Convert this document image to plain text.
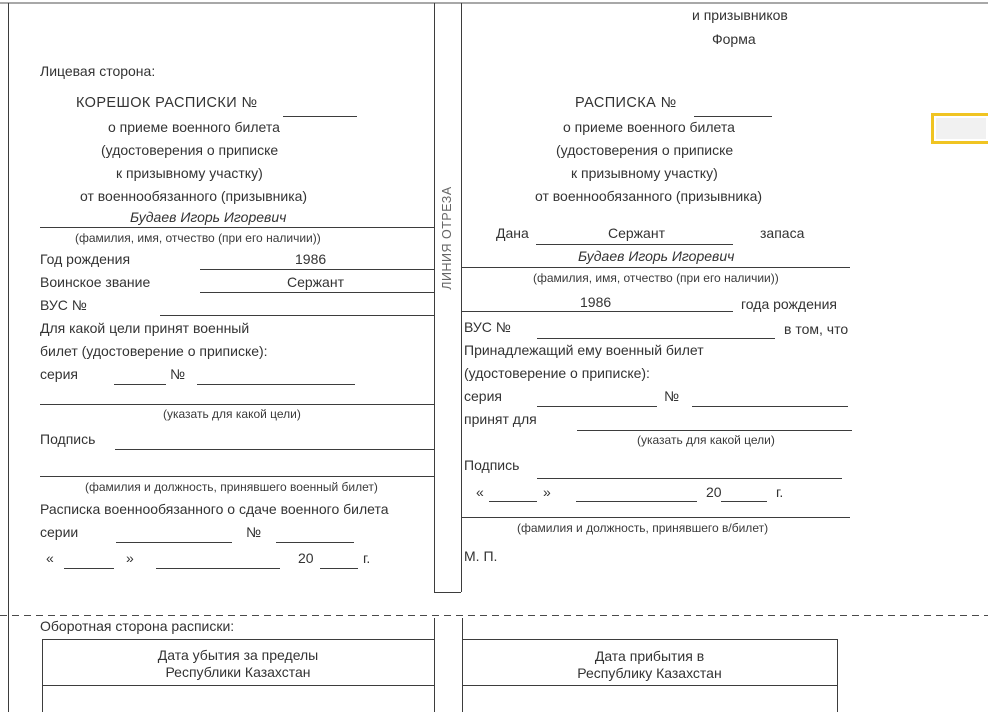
ЛИНИЯ ОТРЕЗА
Лицевая сторона:
КОРЕШОК РАСПИСКИ №
о приеме военного билета
(удостоверения о приписке
к призывному участку)
от военнообязанного (призывника)
Будаев Игорь Игоревич
(фамилия, имя, отчество (при его наличии))
Год рождения	1986
Воинское звание	Сержант
ВУС №
Для какой цели принят военный
билет (удостоверение о приписке):
серия	№
(указать для какой цели)
Подпись
(фамилия и должность, принявшего военный билет)
Расписка военнообязанного о сдаче военного билета
серии	№
«	»	20	г.
и призывников
Форма
РАСПИСКА №
о приеме военного билета
(удостоверения о приписке
к призывному участку)
от военнообязанного (призывника)
Дана	Сержант	запаса
Будаев Игорь Игоревич
(фамилия, имя, отчество (при его наличии))
1986	года рождения
ВУС №	в том, что
Принадлежащий ему военный билет
(удостоверение о приписке):
серия	№
принят для
(указать для какой цели)
Подпись
«	»	20	г.
(фамилия и должность, принявшего в/билет)
М. П.
Оборотная сторона расписки:
Дата убытия за пределы
Республики Казахстан
Дата прибытия в
Республику Казахстан
